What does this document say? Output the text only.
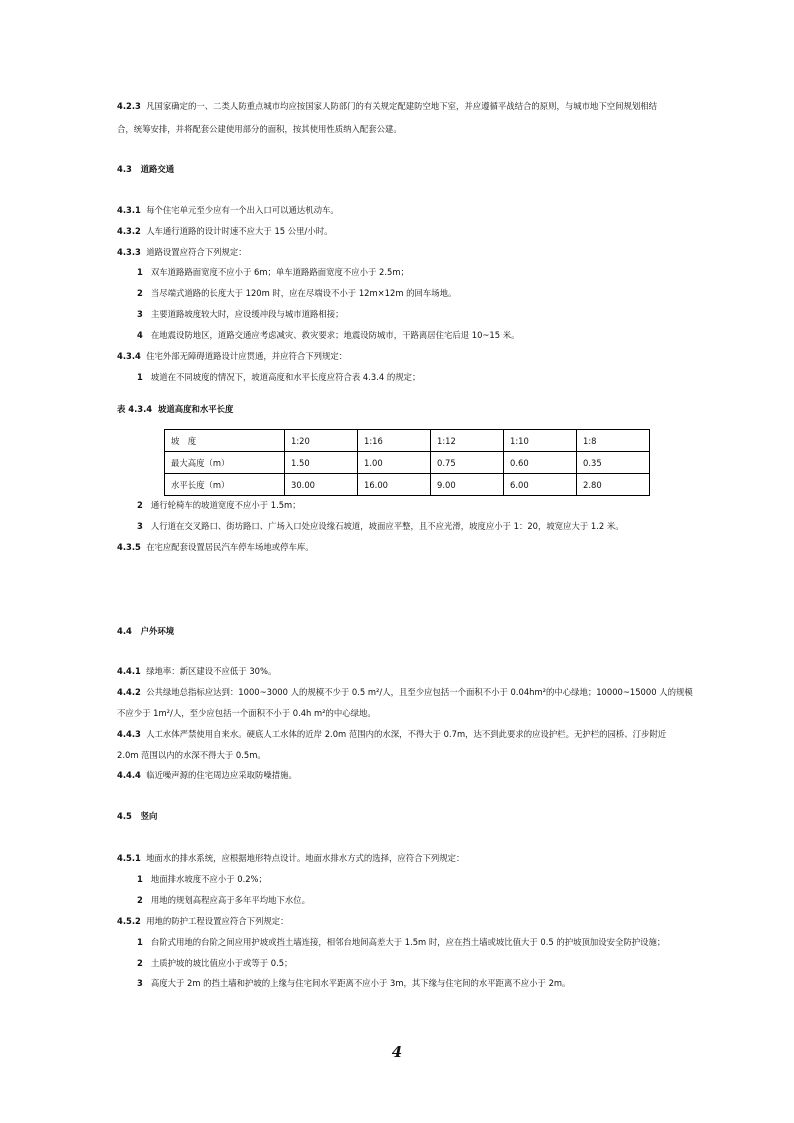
4.2.3 凡国家确定的一、二类人防重点城市均应按国家人防部门的有关规定配建防空地下室，并应遵循平战结合的原则，与城市地下空间规划相结
合，统筹安排，并将配套公建使用部分的面积，按其使用性质纳入配套公建。
4.3 道路交通
4.3.1 每个住宅单元至少应有一个出入口可以通达机动车。
4.3.2 人车通行道路的设计时速不应大于 15 公里/小时。
4.3.3 道路设置应符合下列规定：
1 双车道路路面宽度不应小于 6m；单车道路路面宽度不应小于 2.5m；
2 当尽端式道路的长度大于 120m 时，应在尽端设不小于 12m×12m 的回车场地。
3 主要道路坡度较大时，应设缓冲段与城市道路相接；
4 在地震设防地区，道路交通应考虑减灾、救灾要求；地震设防城市，干路离居住宅后退 10~15 米。
4.3.4 住宅外部无障碍道路设计应贯通，并应符合下列规定：
1 坡道在不同坡度的情况下，坡道高度和水平长度应符合表 4.3.4 的规定；
表 4.3.4 坡道高度和水平长度
坡　度	1:20	1:16	1:12	1:10	1:8
最大高度（m）	1.50	1.00	0.75	0.60	0.35
水平长度（m）	30.00	16.00	9.00	6.00	2.80
2 通行轮椅车的坡道宽度不应小于 1.5m；
3 人行道在交叉路口、街坊路口、广场入口处应设缘石坡道，坡面应平整，且不应光滑，坡度应小于 1：20，坡宽应大于 1.2 米。
4.3.5 在宅应配套设置居民汽车停车场地或停车库。
4.4 户外环境
4.4.1 绿地率：新区建设不应低于 30%。
4.4.2 公共绿地总指标应达到：1000~3000 人的规模不少于 0.5 m²/人，且至少应包括一个面积不小于 0.04hm²的中心绿地；10000~15000 人的规模
不应少于 1m²/人，至少应包括一个面积不小于 0.4h m²的中心绿地。
4.4.3 人工水体严禁使用自来水。硬底人工水体的近岸 2.0m 范围内的水深，不得大于 0.7m，达不到此要求的应设护栏。无护栏的园桥、汀步附近
2.0m 范围以内的水深不得大于 0.5m。
4.4.4 临近噪声源的住宅周边应采取防噪措施。
4.5 竖向
4.5.1 地面水的排水系统，应根据地形特点设计。地面水排水方式的选择，应符合下列规定：
1 地面排水坡度不应小于 0.2%；
2 用地的规划高程应高于多年平均地下水位。
4.5.2 用地的防护工程设置应符合下列规定：
1 台阶式用地的台阶之间应用护坡或挡土墙连接，相邻台地间高差大于 1.5m 时，应在挡土墙或坡比值大于 0.5 的护坡顶加设安全防护设施；
2 土质护坡的坡比值应小于或等于 0.5；
3 高度大于 2m 的挡土墙和护坡的上缘与住宅间水平距离不应小于 3m，其下缘与住宅间的水平距离不应小于 2m。
4
